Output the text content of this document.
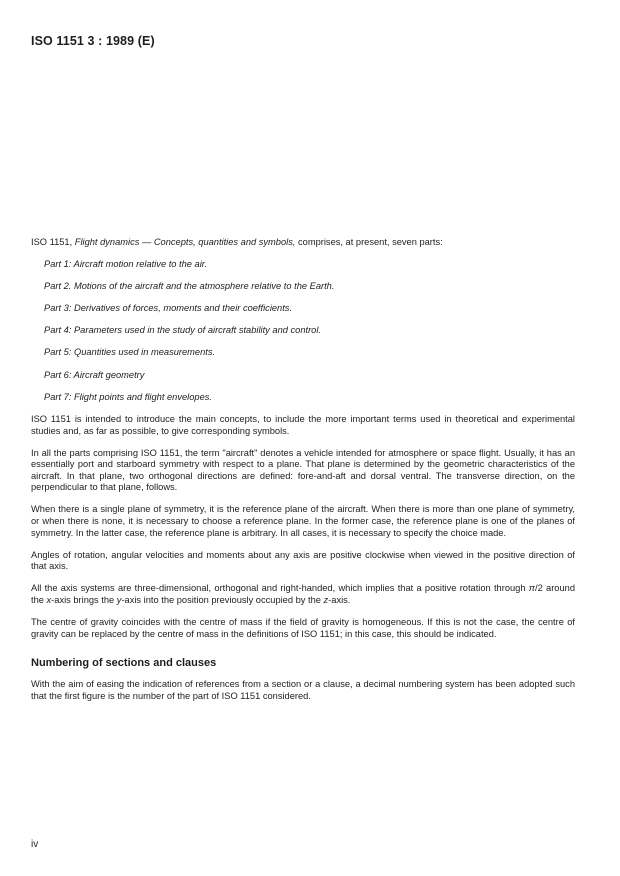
ISO 1151 3 : 1989 (E)

ISO 1151, Flight dynamics — Concepts, quantities and symbols, comprises, at present, seven parts:

Part 1: Aircraft motion relative to the air.
Part 2. Motions of the aircraft and the atmosphere relative to the Earth.
Part 3: Derivatives of forces, moments and their coefficients.
Part 4: Parameters used in the study of aircraft stability and control.
Part 5: Quantities used in measurements.
Part 6: Aircraft geometry
Part 7: Flight points and flight envelopes.

ISO 1151 is intended to introduce the main concepts, to include the more important terms used in theoretical and experimental studies and, as far as possible, to give corresponding symbols.

In all the parts comprising ISO 1151, the term "aircraft" denotes a vehicle intended for atmosphere or space flight. Usually, it has an essentially port and starboard symmetry with respect to a plane. That plane is determined by the geometric characteristics of the aircraft. In that plane, two orthogonal directions are defined: fore-and-aft and dorsal ventral. The transverse direction, on the perpendicular to that plane, follows.

When there is a single plane of symmetry, it is the reference plane of the aircraft. When there is more than one plane of symmetry, or when there is none, it is necessary to choose a reference plane. In the former case, the reference plane is one of the planes of symmetry. In the latter case, the reference plane is arbitrary. In all cases, it is necessary to specify the choice made.

Angles of rotation, angular velocities and moments about any axis are positive clockwise when viewed in the positive direction of that axis.

All the axis systems are three-dimensional, orthogonal and right-handed, which implies that a positive rotation through π/2 around the x-axis brings the y-axis into the position previously occupied by the z-axis.

The centre of gravity coincides with the centre of mass if the field of gravity is homogeneous. If this is not the case, the centre of gravity can be replaced by the centre of mass in the definitions of ISO 1151; in this case, this should be indicated.

Numbering of sections and clauses

With the aim of easing the indication of references from a section or a clause, a decimal numbering system has been adopted such that the first figure is the number of the part of ISO 1151 considered.

iv
